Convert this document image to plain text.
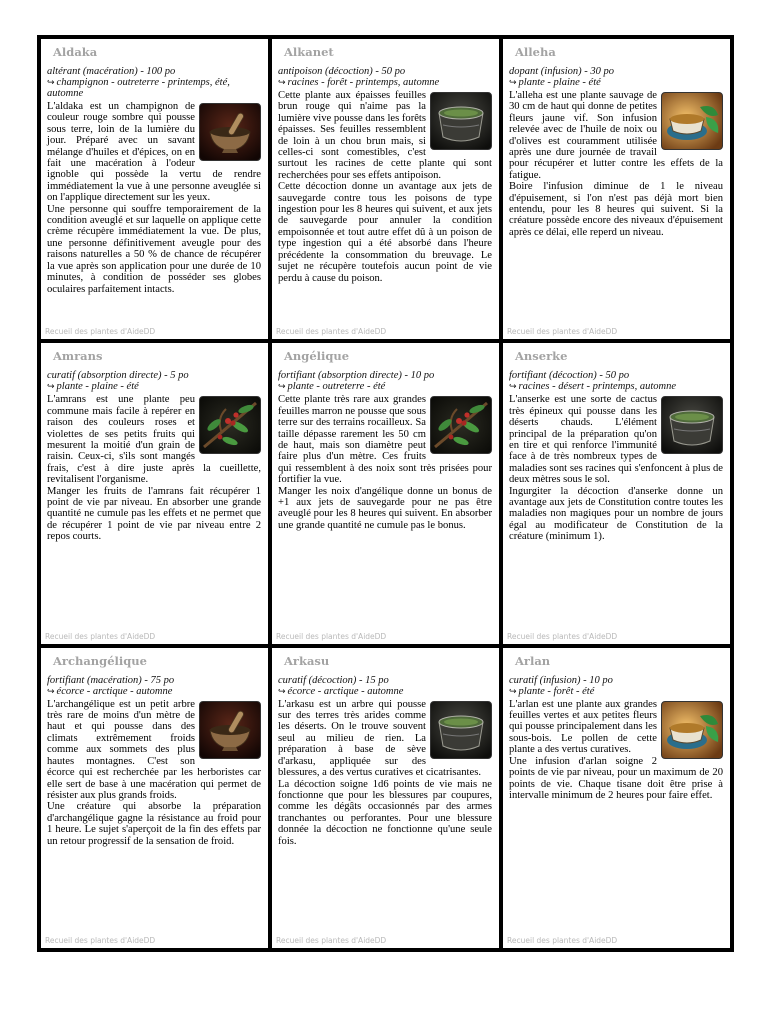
Aldaka
altérant (macération) - 100 po
↪ champignon - outreterre - printemps, été, automne

L'aldaka est un champignon de couleur rouge sombre qui pousse sous terre, loin de la lumière du jour. Préparé avec un savant mélange d'huiles et d'épices, on en fait une macération à l'odeur ignoble qui possède la vertu de rendre immédiatement la vue à une personne aveuglée si on l'applique directement sur les yeux.

Une personne qui souffre temporairement de la condition aveuglé et sur laquelle on applique cette crème récupère immédiatement la vue. De plus, une personne définitivement aveugle pour des raisons naturelles a 50 % de chance de récupérer la vue après son application pour une durée de 10 minutes, à condition de posséder ses globes oculaires parfaitement intacts.

Recueil des plantes d'AideDD
Alkanet
antipoison (décoction) - 50 po
↪ racines - forêt - printemps, automne

Cette plante aux épaisses feuilles brun rouge qui n'aime pas la lumière vive pousse dans les forêts épaisses. Ses feuilles ressemblent de loin à un chou brun mais, si celles-ci sont comestibles, c'est surtout les racines de cette plante qui sont recherchées pour ses effets antipoison.

Cette décoction donne un avantage aux jets de sauvegarde contre tous les poisons de type ingestion pour les 8 heures qui suivent, et aux jets de sauvegarde pour annuler la condition empoisonnée et tout autre effet dû à un poison de type ingestion qui a été absorbé dans l'heure précédente la consommation du breuvage. Le sujet ne récupère toutefois aucun point de vie perdu à cause du poison.

Recueil des plantes d'AideDD
Alleha
dopant (infusion) - 30 po
↪ plante - plaine - été

L'alleha est une plante sauvage de 30 cm de haut qui donne de petites fleurs jaune vif. Son infusion relevée avec de l'huile de noix ou d'olives est couramment utilisée après une dure journée de travail pour récupérer et lutter contre les effets de la fatigue.

Boire l'infusion diminue de 1 le niveau d'épuisement, si l'on n'est pas déjà mort bien entendu, pour les 8 heures qui suivent. Si la créature possède encore des niveaux d'épuisement après ce délai, elle reperd un niveau.

Recueil des plantes d'AideDD
Amrans
curatif (absorption directe) - 5 po
↪ plante - plaine - été

L'amrans est une plante peu commune mais facile à repérer en raison des couleurs roses et violettes de ses petits fruits qui mesurent la moitié d'un grain de raisin. Ceux-ci, s'ils sont mangés frais, c'est à dire juste après la cueillette, revitalisent l'organisme.

Manger les fruits de l'amrans fait récupérer 1 point de vie par niveau. En absorber une grande quantité ne cumule pas les effets et ne permet que de récupérer 1 point de vie par niveau entre 2 repos courts.

Recueil des plantes d'AideDD
Angélique
fortifiant (absorption directe) - 10 po
↪ plante - outreterre - été

Cette plante très rare aux grandes feuilles marron ne pousse que sous terre sur des terrains rocailleux. Sa taille dépasse rarement les 50 cm de haut, mais son diamètre peut faire plus d'un mètre. Ces fruits qui ressemblent à des noix sont très prisées pour fortifier la vue.

Manger les noix d'angélique donne un bonus de +1 aux jets de sauvegarde pour ne pas être aveuglé pour les 8 heures qui suivent. En absorber une grande quantité ne cumule pas le bonus.

Recueil des plantes d'AideDD
Anserke
fortifiant (décoction) - 50 po
↪ racines - désert - printemps, automne

L'anserke est une sorte de cactus très épineux qui pousse dans les déserts chauds. L'élément principal de la préparation qu'on en tire et qui renforce l'immunité face à de très nombreux types de maladies sont ses racines qui s'enfoncent à plus de deux mètres sous le sol.

Ingurgiter la décoction d'anserke donne un avantage aux jets de Constitution contre toutes les maladies non magiques pour un nombre de jours égal au modificateur de Constitution de la créature (minimum 1).

Recueil des plantes d'AideDD
Archangélique
fortifiant (macération) - 75 po
↪ écorce - arctique - automne

L'archangélique est un petit arbre très rare de moins d'un mètre de haut et qui pousse dans des climats extrêmement froids comme aux sommets des plus hautes montagnes. C'est son écorce qui est recherchée par les herboristes car elle sert de base à une macération qui permet de résister aux plus grands froids.

Une créature qui absorbe la préparation d'archangélique gagne la résistance au froid pour 1 heure. Le sujet s'aperçoit de la fin des effets par un retour progressif de la sensation de froid.

Recueil des plantes d'AideDD
Arkasu
curatif (décoction) - 15 po
↪ écorce - arctique - automne

L'arkasu est un arbre qui pousse sur des terres très arides comme les déserts. On le trouve souvent seul au milieu de rien. La préparation à base de sève d'arkasu, appliquée sur des blessures, a des vertus curatives et cicatrisantes.

La décoction soigne 1d6 points de vie mais ne fonctionne que pour les blessures par coupures, comme les dégâts occasionnés par des armes tranchantes ou perforantes. Pour une blessure donnée la décoction ne fonctionne qu'une seule fois.

Recueil des plantes d'AideDD
Arlan
curatif (infusion) - 10 po
↪ plante - forêt - été

L'arlan est une plante aux grandes feuilles vertes et aux petites fleurs qui pousse principalement dans les sous-bois. Le pollen de cette plante a des vertus curatives.

Une infusion d'arlan soigne 2 points de vie par niveau, pour un maximum de 20 points de vie. Chaque tisane doit être prise à intervalle minimum de 2 heures pour faire effet.

Recueil des plantes d'AideDD
